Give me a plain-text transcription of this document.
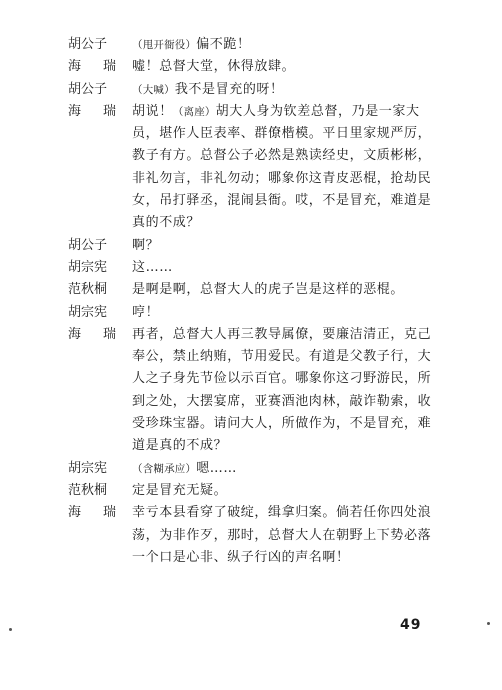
胡公子	（甩开衙役）偏不跪！
海 瑞 嘘！总督大堂，休得放肆。
胡公子	（大喊）我不是冒充的呀！
海 瑞 胡说！（离座）胡大人身为钦差总督，乃是一家大
员，堪作人臣表率、群僚楷模。平日里家规严厉，
教子有方。总督公子必然是熟读经史，文质彬彬，
非礼勿言，非礼勿动；哪象你这青皮恶棍，抢劫民
女，吊打驿丞，混闹县衙。哎，不是冒充，难道是
真的不成？
胡公子	啊？
胡宗宪	这……
范秋桐	是啊是啊，总督大人的虎子岂是这样的恶棍。
胡宗宪	哼！
海 瑞 再者，总督大人再三教导属僚，要廉洁清正，克己
奉公，禁止纳贿，节用爱民。有道是父教子行，大
人之子身先节俭以示百官。哪象你这刁野游民，所
到之处，大摆宴席，亚赛酒池肉林，敲诈勒索，收
受珍珠宝器。请问大人，所做作为，不是冒充，难
道是真的不成？
胡宗宪	（含糊承应）嗯……
范秋桐	定是冒充无疑。
海 瑞 幸亏本县看穿了破绽，缉拿归案。倘若任你四处浪
荡，为非作歹，那时，总督大人在朝野上下势必落
一个口是心非、纵子行凶的声名啊！
49
